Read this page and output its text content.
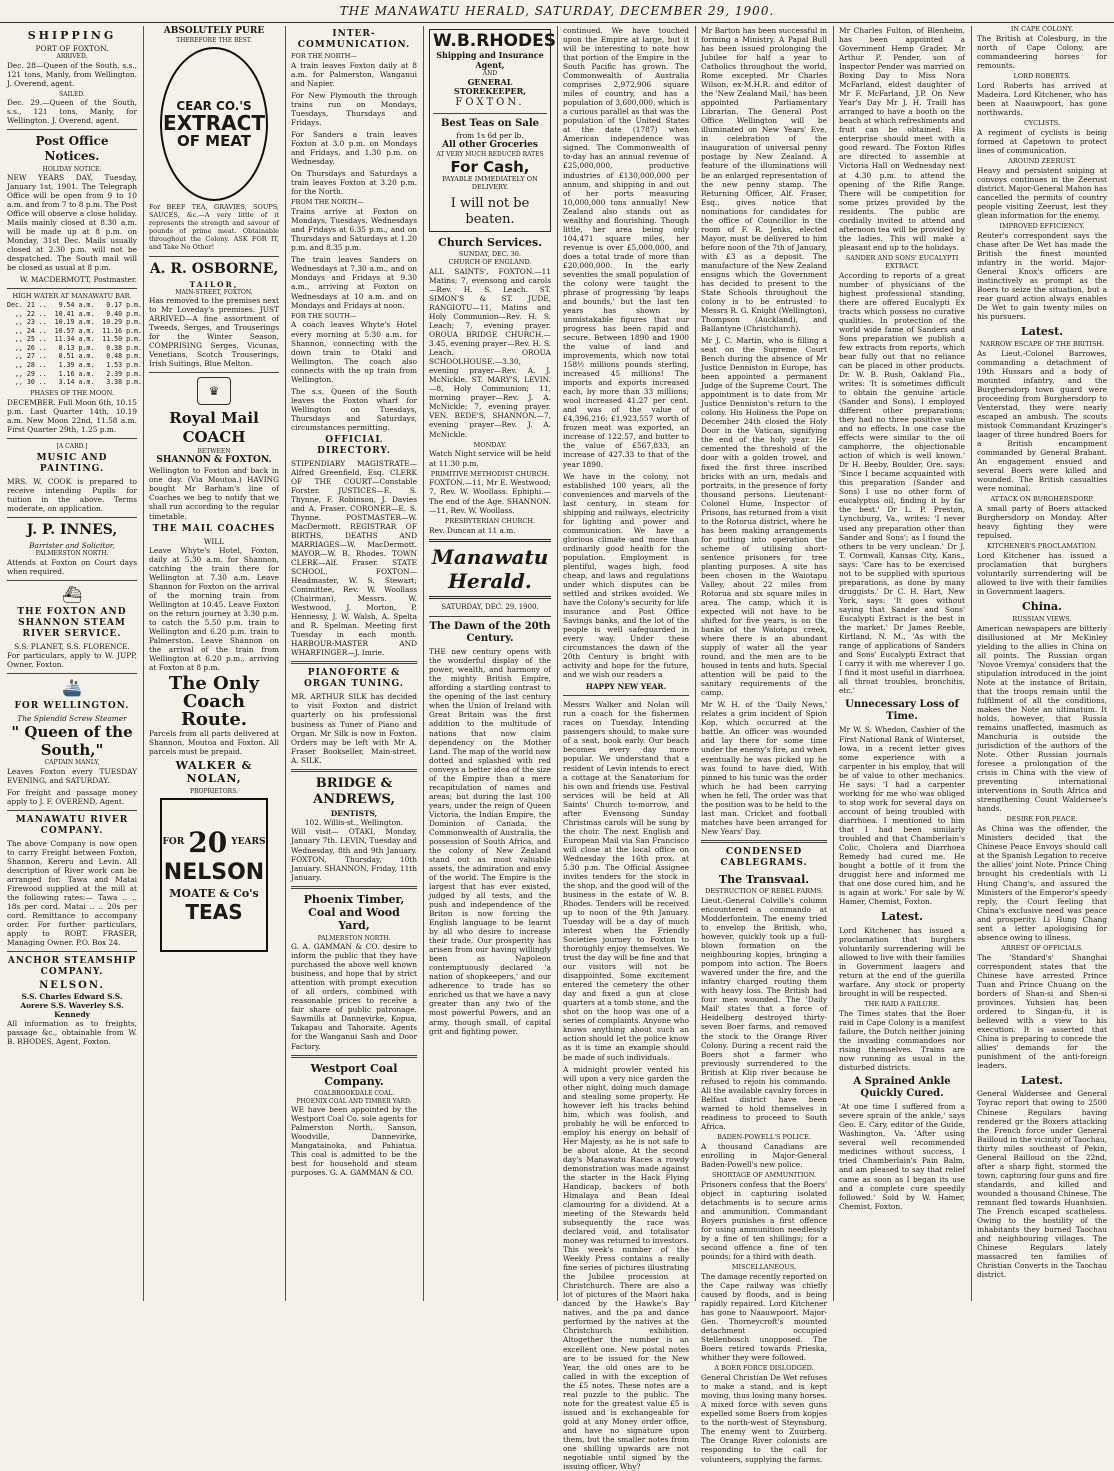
THE MANAWATU HERALD, SATURDAY, DECEMBER 29, 1900.
SHIPPING
PORT OF FOXTON.
ARRIVED.

Dec. 28—Queen of the South, s.s., 121 tons, Manly, from Wellington. J. Overend, agent.

SAILED.

Dec. 29.—Queen of the South, s.s., 121 tons, Manly, for Wellington. J. Overend, agent.

Post Office Notices.
HOLIDAY NOTICE.

NEW YEARS DAY, Tuesday, January 1st, 1901. The Telegraph Office will be open from 9 to 10 a.m. and from 7 to 8 p.m. The Post Office will observe a close holiday. Mails mainly closed at 8.30 a.m. will be made up at 8 p.m. on Monday, 31st Dec. Mails usually closed at 2.30 p.m. will not be despatched. The South mail will be closed as usual at 8 p.m.

W. MACDERMOTT, Postmaster.

HIGH WATER AT MANAWATU BAR.
Dec. 21 ..   9.54 a.m.   0.17 p.m.
,, 22 ..  10.41 a.m.   0.40 p.m.
,, 23 ..  10.19 a.m.  10.29 p.m.
,, 24 ..  10.57 a.m.  11.16 p.m.
,, 25 ..  11.34 a.m.  11.50 p.m.
,, 26 ..   0.13 p.m.   0.38 p.m.
,, 27 ..   0.51 a.m.   0.48 p.m.
,, 28 ..   1.39 a.m.   1.53 p.m.
,, 29 ..   1.16 a.m.   2.39 p.m.
,, 30 ..   3.14 a.m.   3.38 p.m.
PHASES OF THE MOON.

DECEMBER. Full Moon 6th, 10.15 p.m. Last Quarter 14th, 10.19 a.m. New Moon 22nd, 11.58 a.m. First Quarter 29th, 1.25 p.m.

[A CARD.]
MUSIC AND PAINTING.

MRS. W. COOK is prepared to receive intending Pupils for tuition in the above. Terms moderate, on application.

J. P. INNES,
Barrister and Solicitor,
PALMERSTON NORTH.

Attends at Foxton on Court days when required.

⛴
THE FOXTON AND SHANNON STEAM RIVER SERVICE.
S.S. PLANET, S.S. FLORENCE.

For particulars, apply to W. JUPP, Owner, Foxton.

🚢
FOR WELLINGTON.
The Splendid Screw Steamer
" Queen of the South,"
CAPTAIN MANLY,

Leaves Foxton every TUESDAY EVENING, and SATURDAY.

For freight and passage money apply to J. F. OVEREND, Agent.

MANAWATU RIVER COMPANY.

The above Company is now open to carry Freight between Foxton, Shannon, Kereru and Levin. All description of River work can be arranged for. Tawa and Matai Firewood supplied at the mill at the following rates:— Tawa .. .. 18s per cord. Matai .. .. 20s per cord. Remittance to accompany order. For further particulars, apply to ROBT. FRASER, Managing Owner. P.O. Box 24.

ANCHOR STEAMSHIP COMPANY.
NELSON.
S.S. Charles Edward S.S. Aorere S.S. Waverley S.S. Kennedy

All information as to freights, passage &c., obtainable from W. B. RHODES, Agent, Foxton.

ABSOLUTELY PURE
THEREFORE THE BEST.
CEAR CO.'S
EXTRACT
OF MEAT

For BEEF TEA, GRAVIES, SOUPS, SAUCES, &c.—A very little of it represents the strength and savour of pounds of prime meat. Obtainable throughout the Colony. ASK FOR IT, and Take No Other!

A. R. OSBORNE,
TAILOR,
MAIN-STREET, FOXTON.

Has removed to the premises next to Mr Loveday's premises. JUST ARRIVED—A fine assortment of Tweeds, Serges, and Trouserings for the Winter Season, COMPRISING Serges, Vicunas, Venetians, Scotch Trouserings, Irish Suitings, Blue Melton.

♛
Royal Mail COACH
BETWEEN
SHANNON & FOXTON.

Wellington to Foxton and back in one day. (Via Moutoa.) HAVING bought Mr Barham's line of Coaches we beg to notify that we shall run according to the regular timetable.

THE MAIL COACHES
WILL

Leave Whyte's Hotel, Foxton, daily at 5.30 a.m. for Shannon, catching the train there for Wellington at 7.30 a.m. Leave Shannon for Foxton on the arrival of the morning train from Wellington at 10.45. Leave Foxton on the return journey at 3.30 p.m. to catch the 5.50 p.m. train to Wellington and 6.20 p.m. train to Palmerston. Leave Shannon on the arrival of the train from Wellington at 6.20 p.m., arriving at Foxton at 8 p.m.

The Only Coach Route.

Parcels from all parts delivered at Shannon, Moutoa and Foxton. All parcels must be prepaid.

WALKER & NOLAN,
PROPRIETORS.
FOR 20 YEARS
NELSON
MOATE & Co's
TEAS
INTER-COMMUNICATION.
FOR THE NORTH—

A train leaves Foxton daily at 8 a.m. for Palmerston, Wanganui and Napier.

For New Plymouth the through trains run on Mondays, Tuesdays, Thursdays and Fridays.

For Sanders a train leaves Foxton at 3.0 p.m. on Mondays and Fridays, and 1.30 p.m. on Wednesday.

On Thursdays and Saturdays a train leaves Foxton at 3.20 p.m. for the North.

FROM THE NORTH—

Trains arrive at Foxton on Mondays, Tuesdays, Wednesdays and Fridays at 6.35 p.m., and on Thursdays and Saturdays at 1.20 p.m. and 8.35 p.m.

The train leaves Sanders on Wednesdays at 7.30 a.m., and on Mondays and Fridays at 9.30 a.m., arriving at Foxton on Wednesdays at 10 a.m. and on Mondays and Fridays at noon.

FOR THE SOUTH—

A coach leaves Whyte's Hotel every morning at 5.30 a.m. for Shannon, connecting with the down train to Otaki and Wellington. The coach also connects with the up train from Wellington.

The s.s. Queen of the South leaves the Foxton wharf for Wellington on Tuesdays, Thursdays and Saturdays, circumstances permitting.

OFFICIAL DIRECTORY.

STIPENDIARY MAGISTRATE—Alfred Greenfield, Esq. CLERK OF THE COURT—Constable Forster. JUSTICES—E. S. Thynne, F. Robinson, J. Davies and A. Fraser. CORONER—E. S. Thynne. POSTMASTER—W. MacDermott. REGISTRAR OF BIRTHS, DEATHS AND MARRIAGES—W. MacDermott. MAYOR—W. B. Rhodes. TOWN CLERK—Alf. Fraser. STATE SCHOOL, FOXTON—Headmaster, W. S. Stewart; Committee, Rev. W. Woollass (Chairman), Messrs. W. Westwood, J. Morton, P. Hennessy, J. W. Walsh, A. Spelta and R. Spelman. Meeting first Tuesday in each month. HARBOUR-MASTER AND WHARFINGER—J. Imrie.

PIANOFORTE & ORGAN TUNING.

MR. ARTHUR SILK has decided to visit Foxton and district quarterly on his professional business as Tuner of Piano and Organ. Mr Silk is now in Foxton. Orders may be left with Mr A. Fraser Bookseller, Main-street. A. SILK.

BRIDGE & ANDREWS,
DENTISTS,
102. Willis-st., Wellington.

Will visit— OTAKI, Monday, January 7th. LEVIN, Tuesday and Wednesday, 8th and 9th January. FOXTON, Thursday, 10th January. SHANNON, Friday, 11th January.

Phoenix Timber, Coal and Wood Yard,
PALMERSTON NORTH.

G. A. GAMMAN & CO. desire to inform the public that they have purchased the above well known business, and hope that by strict attention with prompt execution of all orders, combined with reasonable prices to receive a fair share of public patronage. Sawmills at Dannevirke, Kopua, Takapau and Tahoraite. Agents for the Wanganui Sash and Door Factory.

Westport Coal Company.
COALBROOKDALE COAL.
PHOENIX COAL AND TIMBER YARD.

WE have been appointed by the Westport Coal Co. sole agents for Palmerston North, Sanson, Woodville, Dannevirke, Mangatainoka, and Pahiatua. This coal is admitted to be the best for household and steam purposes. G. A. GAMMAN & CO.

W.B.RHODES
Shipping and Insurance Agent,
AND
GENERAL STOREKEEPER,
FOXTON.
Best Teas on Sale
from 1s 6d per lb.
All other Groceries
AT VERY MUCH REDUCED RATES
For Cash,
PAYABLE IMMEDIATELY ON DELIVERY.
I will not be beaten.
Church Services.
SUNDAY, DEC. 30.
CHURCH OF ENGLAND.

ALL SAINTS', FOXTON.—11 Matins; 7, evensong and carols—Rev. H. S. Leach. ST. SIMON'S & ST. JUDE, RANGIOTU—11, Matins and Holy Communion—Rev. H. S. Leach; 7, evening prayer. OROUA BRIDGE CHURCH.—3.45, evening prayer—Rev. H. S. Leach. OROUA SCHOOLHOUSE.—3.30, evening prayer—Rev. A. J. McNickle. ST. MARY'S, LEVIN.—8, Holy Communion; 11, morning prayer—Rev. J. A. McNickle; 7, evening prayer. VEN. BEDE'S, SHANNON.—7, evening prayer—Rev. J. A. McNickle.

MONDAY.

Watch Night service will be held at 11.30 p.m.

PRIMITIVE METHODIST CHURCH.

FOXTON.—11, Mr E. Westwood; 7, Rev. W. Woollass. Ephiphi.—The end of the Age. SHANNON.—11, Rev. W. Woollass.

PRESBYTERIAN CHURCH.

Rev. Duncan at 11 a.m.

Manawatu Herald.
SATURDAY, DEC. 29, 1900.
The Dawn of the 20th Century.

THE new century opens with the wonderful display of the power, wealth, and harmony of the mighty British Empire, affording a startling contrast to the opening of the last century when the Union of Ireland with Great Britain was the first addition to the multitude of nations that now claim dependency on the Mother Land. The map of the world now dotted and splashed with red conveys a better idea of the size of the Empire than a mere recapitulation of names and areas; but during the last 100 years, under the reign of Queen Victoria, the Indian Empire, the Dominion of Canada, the Commonwealth of Australia, the possession of South Africa, and the colony of New Zealand stand out as most valuable assets, the admiration and envy of the world. The Empire is the largest that has ever existed, judged by all tests, and the push and independence of the Briton is now forcing the English language to be learnt by all who desire to increase their trade. Our prosperity has arisen from our having willingly been as Napoleon contemptuously declared 'a nation of shopkeepers,' and our adherence to trade has so enriched us that we have a navy greater than any two of the most powerful Powers, and an army, though small, of capital grit and fighting power.

continued. We have touched upon the Empire at large, but it will be interesting to note how that portion of the Empire in the South Pacific has grown. The Commonwealth of Australia comprises 2,972,906 square miles of country, and has a population of 3,600,000, which is a curious parallel as that was the population of the United States at the date (1787) when American independence was signed. The Commonwealth of to-day has an annual revenue of £25,000,000, productive industries of £130,000,000 per annum, and shipping in and out of her ports measuring 10,000,000 tons annually! New Zealand also stands out as wealthy and flourishing. Though little, her area being only 104,471 square miles, her revenue is over £5,000,000, and does a total trade of more than £20,000,000. In the early seventies the small population of the colony were taught the phrase of progressing 'by leaps and bounds,' but the last ten years has shown by unmistakable figures that our progress has been rapid and secure. Between 1890 and 1900 the value of land and improvements, which now total 158½ millions pounds sterling, increased 45 millions! The imports and exports increased each, by more than 33 millions; wool increased 41.27 per cent. and was of the value of £4,396,216; £1,923,557 worth of frozen meat was exported, an increase of 122.57, and butter to the value of £567,833, an increase of 427.33 to that of the year 1890.

We have in the colony, not established 100 years, all the conveniences and marvels of the last century, in steam for shipping and railways, electricity for lighting and power and communication. We have a glorious climate and more than ordinarily good health for the population. Employment is plentiful, wages high, food cheap, and laws and regulations under which disputes can be settled and strikes avoided. We have the Colony's security for life insurance and Post Office Savings banks, and the lot of the people is well safeguarded in every way. Under these circumstances the dawn of the 20th Century is bright with activity and hope for the future, and we wish our readers a

HAPPY NEW YEAR.

Messrs Walker and Nolan will run a coach for the fishermen races on Tuesday. Intending passengers should, to make sure of a seat, book early. Our beach becomes every day more popular. We understand that a resident of Levin intends to erect a cottage at the Sanatorium for his own and friends use. Festival services will be held at All Saints' Church to-morrow, and after Evensong Sunday Christmas carols will be sung by the choir. The next English and European Mail via San Francisco will close at the local office on Wednesday the 16th prox. at 5.30 p.m. The Official Assignee invites tenders for the stock in the shop, and the good will of the business in the estate of W. B. Rhodes. Tenders will be received up to noon of the 9th January. Tuesday will be a day of much interest when the Friendly Societies journey to Foxton to thoroughly enjoy themselves. We trust the day will be fine and that our visitors will not be disappointed. Some excitement entered the cemetery the other day and fixed a gun at close quarters at a tomb stone, and the shot on the hoop was one of a series of complaints. Anyone who knows anything about such an action should let the police know as it is time an example should be made of such individuals.

A midnight prowler vented his will upon a very nice garden the other night, doing much damage and stealing some property. He however left his tracks behind him, which was foolish, and probably he will be enforced to employ his energy on behalf of Her Majesty, as he is not safe to be about alone. At the second day's Manawatu Races a rowdy demonstration was made against the starter in the Hack Flying Handicap, backers of both Himalaya and Bean Ideal clamouring for a dividend. At a meeting of the Stewards held subsequently the race was declared void, and totalisator money was returned to investors. This week's number of the Weekly Press contains a really fine series of pictures illustrating the Jubilee procession at Christchurch. There are also a lot of pictures of the Maori haka danced by the Hawke's Bay natives, and the pa and dance performed by the natives at the Christchurch exhibition. Altogether the number is an excellent one. New postal notes are to be issued for the New Year, the old ones are to be called in with the exception of the £5 notes. These notes are a real puzzle to the public. The note for the greatest value £5 is issued and is exchangeable for gold at any Money order office, and have no signature upon them, but the smaller notes from one shilling upwards are not negotiable until signed by the issuing officer. Why?

Mr Barton has been successful in forming a Ministry. A Papal Bull has been issued prolonging the Jubilee for half a year to Catholics throughout the world, Rome excepted. Mr Charles Wilson, ex-M.H.R. and editor of the 'New Zealand Mail,' has been appointed Parliamentary Librarian. The General Post Office Wellington will be illuminated on New Years' Eve, in celebration of the inauguration of universal penny postage by New Zealand. A feature of the illuminations will be an enlarged representation of the new penny stamp. The Returning Officer, Alf. Fraser, Esq., gives notice that nominations for candidates for the office of Councillor in the room of F. R. Jenks, elected Mayor, must be delivered to him before noon of the 7th of January, with £3 as a deposit. The manufacture of the New Zealand ensigns which the Government has decided to present to the State Schools throughout the colony is to be entrusted to Messrs R. G. Knight (Wellington), Thompson (Auckland), and Ballantyne (Christchurch).

Mr J. C. Martin, who is filling a seat on the Supreme Court Bench during the absence of Mr Justice Denniston in Europe, has been appointed a permanent Judge of the Supreme Court. The appointment is to date from Mr Justice Denniston's return to the colony. His Holiness the Pope on December 24th closed the Holy Door in the Vatican, signifying the end of the holy year. He cemented the threshold of the door with a golden trowel, and fixed the first three inscribed bricks with an urn, medals and portraits, in the presence of forty thousand persons. Lieutenant-Colonel Hume, Inspector of Prisons, has returned from a visit to the Rotorua district, where he has been making arrangements for putting into operation the scheme of utilising short-sentence prisoners for tree planting purposes. A site has been chosen in the Waiotapu Valley, about 22 miles from Rotorua and six square miles in area. The camp, which it is expected will not have to be shifted for five years, is on the banks of the Waiotapu creek, where there is an abundant supply of water all the year round, and the men are to be housed in tents and huts. Special attention will be paid to the sanitary requirements of the camp.

Mr W. H. of the 'Daily News,' relates a grim incident of Spion Kop, which occurred at the battle. An officer was wounded and lay there for some time under the enemy's fire, and when eventually he was picked up he was found to have died. With pinned to his tunic was the order which he had been carrying when he fell. The order was that the position was to be held to the last man. Cricket and football matches have been arranged for New Years' Day.

CONDENSED CABLEGRAMS.
The Transvaal.
DESTRUCTION OF REBEL FARMS.

Lieut.-General Colville's column encountered a commando at Modderfontein. The enemy tried to envelop the British, who, however, quickly took up a full-blown formation on the neighbouring kopjes, bringing a pompom into action. The Boers wavered under the fire, and the infantry charged routing them with heavy loss. The British had four men wounded. The 'Daily Mail' states that a force of Heidelberg destroyed thirty-seven Boer farms, and removed the stock to the Orange River Colony. During a recent raid the Boers shot a farmer who previously surrendered to the British at Klip river because he refused to rejoin his commando. All the available cavalry forces in Belfast district have been warned to hold themselves in readiness to proceed to South Africa.

BADEN-POWELL'S POLICE.

A thousand Canadians are enrolling in Major-General Baden-Powell's new police.

SHORTAGE OF AMMUNITION.

Prisoners confess that the Boers' object in capturing isolated detachments is to secure arms and ammunition. Commandant Boyers punishes a first offence for using ammunition needlessly by a fine of ten shillings; for a second offence a fine of ten pounds; for a third with death.

MISCELLANEOUS.

The damage recently reported on the Cape railway was chiefly caused by floods, and is being rapidly repaired. Lord Kitchener has gone to Naauwpoort. Major-Gen. Thorneycroft's mounted detachment occupied Stellenbosch unopposed. The Boers retired towards Prieska, whither they were followed.

A BOER FORCE DISLODGED.

General Christian De Wet refuses to make a stand, and is kept moving, thus losing many horses. A mixed force with seven guns expelled some Boers from kopjes to the north-west of Steynsburg. The enemy went to Zuurberg. The Orange River colonists are responding to the call for volunteers, supplying the farms.

Mr Charles Fulton, of Blenheim, has been appointed a Government Hemp Grader. Mr Arthur P. Pender, son of Inspector Pender was married on Boxing Day to Miss Nora McFarland, eldest daughter of Mr F. McFarland, J.P. On New Year's Day Mr J. H. Traill has arranged to have a booth on the beach at which refreshments and fruit can be obtained. His enterprise should meet with a good reward. The Foxton Rifles are directed to assemble at Victoria Hall on Wednesday next at 4.30 p.m. to attend the opening of the Rifle Range. There will be competition for some prizes provided by the residents. The public are cordially invited to attend and afternoon tea will be provided by the ladies. This will make a pleasant end up to the holidays.

SANDER AND SONS' EUCALYPTI EXTRACT.

According to reports of a great number of physicians of the highest professional standing, there are offered Eucalypti Ex tracts which possess no curative qualities. In protection of the world wide fame of Sanders and Sons preparation we publish a few extracts from reports, which bear fully out that no reliance can be placed in other products. Dr. W. B. Rush, Oakland Fla., writes: 'It is sometimes difficult to obtain the genuine article (Sander and Sons). I employed different other preparations; they had no three positive value and no effects. In one case the effects were similar to the oil camphorre, the objectionable action of which is well known.' Dr H. Beeby, Boulder, Ore. says: 'Since I became acquainted with this preparation (Sander and Sons) I use no other form of eucalyptus oil, finding it by far the best.' Dr L. P. Preston, Lynchburg, Va., writes: 'I never used any preparation other than Sander and Sons'; as I found the others to be very unclean.' Dr J. T. Cornwall, Kansas City, Kans., says: 'Care has to be exercised not to be supplied with spurious preparations, as done by many druggists.' Dr C. H. Hart, New York, says: 'It goes without saying that Sander and Sons' Eucalypti Extract is the best in the market.' Dr James Reeble, Kirtland, N. M., 'As with the range of applications of Sanders and Sons' Eucalypti Extract that I carry it with me wherever I go. I find it most useful in diarrhoea, all throat troubles, bronchitis, etc.'

Unnecessary Loss of Time.

Mr W. S. Whedon, Cashier of the First National Bank of Winterset, Iowa, in a recent letter gives some experience with a carpenter in his employ, that will be of value to other mechanics. He says: 'I had a carpenter working for me who was obliged to stop work for several days on account of being troubled with diarrhoea. I mentioned to him that I had been similarly troubled and that Chamberlain's Colic, Cholera and Diarrhoea Remedy had cured me. He bought a bottle of it from the druggist here and informed me that one dose cured him, and he is again at work.' For sale by W. Hamer, Chemist, Foxton.

Latest.

Lord Kitchener has issued a proclamation that burghers voluntarily surrendering will be allowed to live with their families in Government laagers and return at the end of the guerilla warfare. Any stock or property brought in will be respected.

THE RAID A FAILURE.

The Times states that the Boer raid in Cape Colony is a manifest failure, the Dutch neither joining the invading commandoes nor rising themselves. Trains are now running as usual in the disturbed districts.

A Sprained Ankle Quickly Cured.

'At one time I suffered from a severe sprain of the ankle,' says Geo. E. Cary, editor of the Guide, Washington, Va. 'After using several well recommended medicines without success, I tried Chamberlain's Pain Balm, and am pleased to say that relief came as soon as I began its use and a complete cure speedily followed.' Sold by W. Hamer, Chemist, Foxton.

IN CAPE COLONY.

The British at Colesburg, in the north of Cape Colony, are commandeering horses for remounts.

LORD ROBERTS.

Lord Roberts has arrived at Madeira. Lord Kitchener, who has been at Naauwpoort, has gone northwards.

CYCLISTS.

A regiment of cyclists is being formed at Capetown to protect lines of communication.

AROUND ZEERUST.

Heavy and persistent sniping at convoys continues in the Zeerust district. Major-General Mahon has cancelled the permits of country people visiting Zeerust, lest they glean information for the enemy.

IMPROVED EFFICIENCY.

Reuter's correspondent says the chase after De Wet has made the British the finest mounted infantry in the world. Major-General Knox's officers are instinctively as prompt as the Boers to seize the situation, but a rear guard action always enables De Wet to gain twenty miles on his pursuers.

Latest.
NARROW ESCAPE OF THE BRITISH.

As Lieut.-Colonel Barrowes, commanding a detachment of 19th Hussars and a body of mounted infantry, and the Burghersdorp town guard were proceeding from Burghersdorp to Venterstad, they were nearly escaped an ambush. The scouts mistook Commandant Kruzinger's laager of three hundred Boers for a British encampment commanded by General Brabant. An engagement ensued and several Boers were killed and wounded. The British casualties were nominal.

ATTACK ON BURGHERSDORP.

A small party of Boers attacked Burghersdorp on Monday. After heavy fighting they were repulsed.

KITCHENER'S PROCLAMATION.

Lord Kitchener has issued a proclamation that burghers voluntarily surrendering will be allowed to live with their families in Government laagers.

China.
RUSSIAN VIEWS.

American newspapers are bitterly disillusioned at Mr McKinley yielding to the allies in China on all points. The Russian organ 'Novoe Vremya' considers that the stipulation introduced in the joint Note at the instance of Britain, that the troops remain until the fulfilment of all the conditions, makes the Note an ultimatum. It holds, however, that Russia remains unaffected, inasmuch as Manchuria is outside the jurisdiction of the authors of the Note. Other Russian journals foresee a prolongation of the crisis in China with the view of preventing international interventions in South Africa and strengthening Count Waldersee's hands.

DESIRE FOR PEACE.

As China was the offender, the Ministers decided that the Chinese Peace Envoys should call at the Spanish Legation to receive the allies' joint Note. Prince Ching brought his credentials with Li Hung Chang's, and assured the Ministers of the Emperor's speedy reply, the Court feeling that China's exclusive need was peace and prosperity. Li Hung Chang sent a letter apologising for absence owing to illness.

ARREST OF OFFICIALS.

The 'Standard's' Shanghai correspondent states that the Chinese have arrested Prince Tuan and Prince Chuang on the borders of Shan-si and Shen-si provinces. Yuhsien has been ordered to Singan-fu, it is believed with a view to his execution. It is asserted that China is preparing to concede the allies' demands for the punishment of the anti-foreign leaders.

Latest.

General Waldersee and General Toyrac report that owing to 2500 Chinese Regulars having rendered gr the Boxers attacking the French force under General Bailloud in the vicinity of Taochau, thirty miles southeast of Pekin, General Bailloud on the 22nd, after a sharp fight, stormed the town, capturing four guns and fire standards, and killed and wounded a thousand Chinese. The remnant fled towards Huanhsien. The French escaped scatheless. Owing to the hostility of the inhabitants they burned Taochau and neighbouring villages. The Chinese Regulars lately massacred ten families of Christian Converts in the Taochau district.
